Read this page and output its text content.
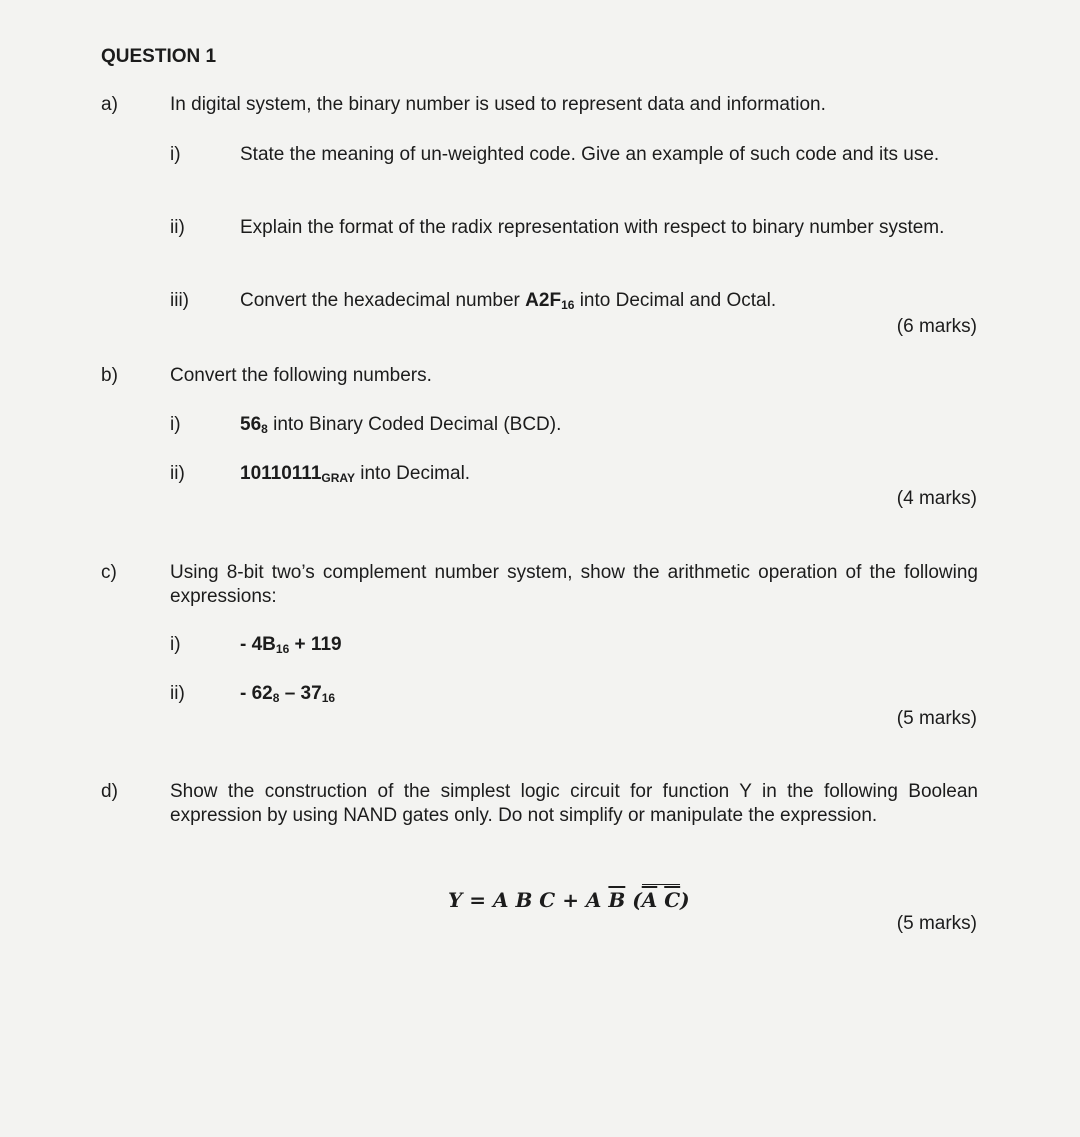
QUESTION 1
a)	In digital system, the binary number is used to represent data and information.
i)	State the meaning of un-weighted code. Give an example of such code and its use.
ii)	Explain the format of the radix representation with respect to binary number system.
iii)	Convert the hexadecimal number $A2F_{16}$ into Decimal and Octal.
(6 marks)
b)	Convert the following numbers.
i)	$56_8$ into Binary Coded Decimal (BCD).
ii)	$10110111_{GRAY}$ into Decimal.
(4 marks)
c)	Using 8-bit two’s complement number system, show the arithmetic operation of the following expressions:
i)	- $4B_{16} + 119$
ii)	- $62_8 - 37_{16}$
(5 marks)
d)	Show the construction of the simplest logic circuit for function Y in the following Boolean expression by using NAND gates only. Do not simplify or manipulate the expression.
Y = A B C + A $\overline{B}$ ($\overline{A}$ $\overline{C}$)
(5 marks)
